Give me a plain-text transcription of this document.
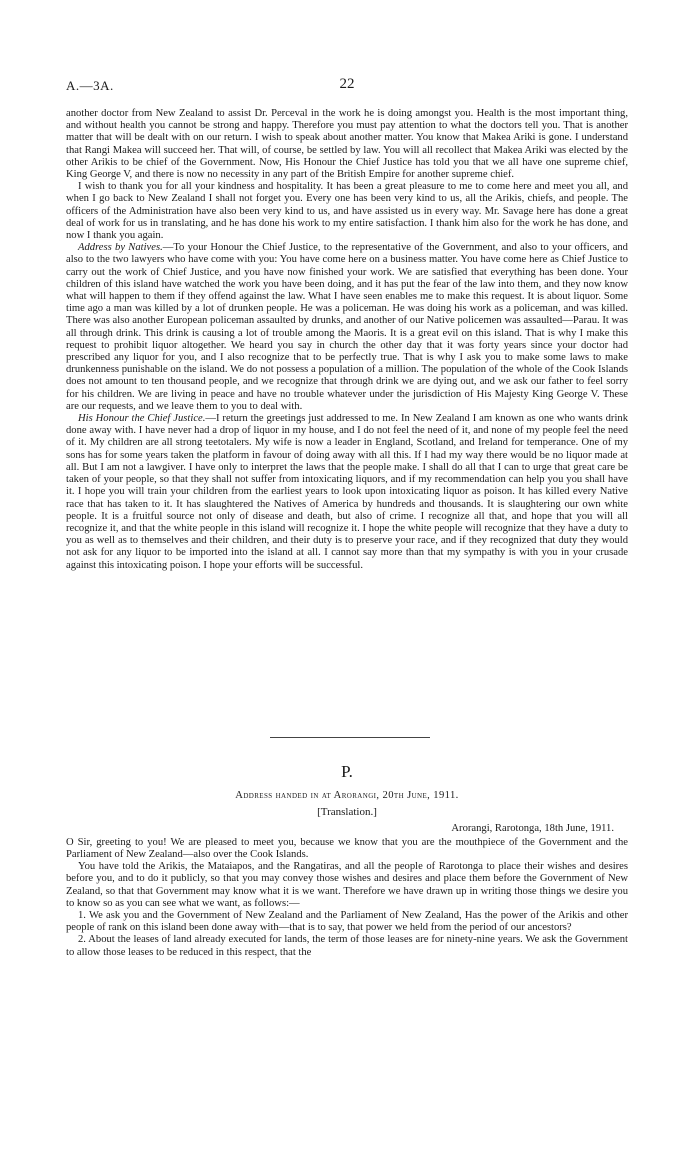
A.—3A.	22

another doctor from New Zealand to assist Dr. Perceval in the work he is doing amongst you. Health is the most important thing, and without health you cannot be strong and happy. Therefore you must pay attention to what the doctors tell you. That is another matter that will be dealt with on our return. I wish to speak about another matter. You know that Makea Ariki is gone. I understand that Rangi Makea will succeed her. That will, of course, be settled by law. You will all recollect that Makea Ariki was elected by the other Arikis to be chief of the Government. Now, His Honour the Chief Justice has told you that we all have one supreme chief, King George V, and there is now no necessity in any part of the British Empire for another supreme chief.

I wish to thank you for all your kindness and hospitality. It has been a great pleasure to me to come here and meet you all, and when I go back to New Zealand I shall not forget you. Every one has been very kind to us, all the Arikis, chiefs, and people. The officers of the Administration have also been very kind to us, and have assisted us in every way. Mr. Savage here has done a great deal of work for us in translating, and he has done his work to my entire satisfaction. I thank him also for the work he has done, and now I thank you again.

Address by Natives.—To your Honour the Chief Justice, to the representative of the Government, and also to your officers, and also to the two lawyers who have come with you: You have come here on a business matter. You have come here as Chief Justice to carry out the work of Chief Justice, and you have now finished your work. We are satisfied that everything has been done. Your children of this island have watched the work you have been doing, and it has put the fear of the law into them, and they now know what will happen to them if they offend against the law. What I have seen enables me to make this request. It is about liquor. Some time ago a man was killed by a lot of drunken people. He was a policeman. He was doing his work as a policeman, and was killed. There was also another European policeman assaulted by drunks, and another of our Native policemen was assaulted—Parau. It was all through drink. This drink is causing a lot of trouble among the Maoris. It is a great evil on this island. That is why I make this request to prohibit liquor altogether. We heard you say in church the other day that it was forty years since your doctor had prescribed any liquor for you, and I also recognize that to be perfectly true. That is why I ask you to make some laws to make drunkenness punishable on the island. We do not possess a population of a million. The population of the whole of the Cook Islands does not amount to ten thousand people, and we recognize that through drink we are dying out, and we ask our father to feel sorry for his children. We are living in peace and have no trouble whatever under the jurisdiction of His Majesty King George V. These are our requests, and we leave them to you to deal with.

His Honour the Chief Justice.—I return the greetings just addressed to me. In New Zealand I am known as one who wants drink done away with. I have never had a drop of liquor in my house, and I do not feel the need of it, and none of my people feel the need of it. My children are all strong teetotalers. My wife is now a leader in England, Scotland, and Ireland for temperance. One of my sons has for some years taken the platform in favour of doing away with all this. If I had my way there would be no liquor made at all. But I am not a lawgiver. I have only to interpret the laws that the people make. I shall do all that I can to urge that great care be taken of your people, so that they shall not suffer from intoxicating liquors, and if my recommendation can help you you shall have it. I hope you will train your children from the earliest years to look upon intoxicating liquor as poison. It has killed every Native race that has taken to it. It has slaughtered the Natives of America by hundreds and thousands. It is slaughtering our own white people. It is a fruitful source not only of disease and death, but also of crime. I recognize all that, and hope that you will all recognize it, and that the white people in this island will recognize it. I hope the white people will recognize that they have a duty to you as well as to themselves and their children, and their duty is to preserve your race, and if they recognized that duty they would not ask for any liquor to be imported into the island at all. I cannot say more than that my sympathy is with you in your crusade against this intoxicating poison. I hope your efforts will be successful.

P.
Address handed in at Arorangi, 20th June, 1911.
[Translation.]
Arorangi, Rarotonga, 18th June, 1911.

O Sir, greeting to you! We are pleased to meet you, because we know that you are the mouthpiece of the Government and the Parliament of New Zealand—also over the Cook Islands.

You have told the Arikis, the Mataiapos, and the Rangatiras, and all the people of Rarotonga to place their wishes and desires before you, and to do it publicly, so that you may convey those wishes and desires and place them before the Government of New Zealand, so that that Government may know what it is we want. Therefore we have drawn up in writing those things we desire you to know so as you can see what we want, as follows:—

1. We ask you and the Government of New Zealand and the Parliament of New Zealand, Has the power of the Arikis and other people of rank on this island been done away with—that is to say, that power we held from the period of our ancestors?

2. About the leases of land already executed for lands, the term of those leases are for ninety-nine years. We ask the Government to allow those leases to be reduced in this respect, that the
